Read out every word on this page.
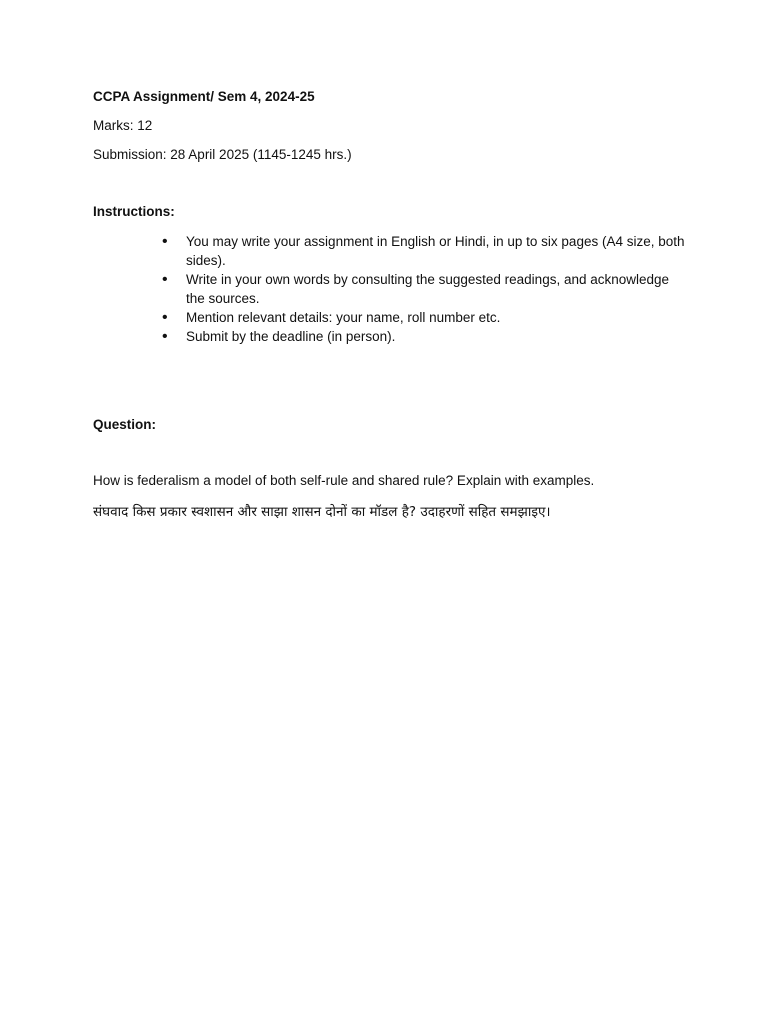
CCPA Assignment/ Sem 4, 2024-25
Marks: 12
Submission: 28 April 2025 (1145-1245 hrs.)
Instructions:
• You may write your assignment in English or Hindi, in up to six pages (A4 size, both sides).
• Write in your own words by consulting the suggested readings, and acknowledge the sources.
• Mention relevant details: your name, roll number etc.
• Submit by the deadline (in person).
Question:
How is federalism a model of both self-rule and shared rule? Explain with examples.
संघवाद किस प्रकार स्वशासन और साझा शासन दोनों का मॉडल है? उदाहरणों सहित समझाइए।
